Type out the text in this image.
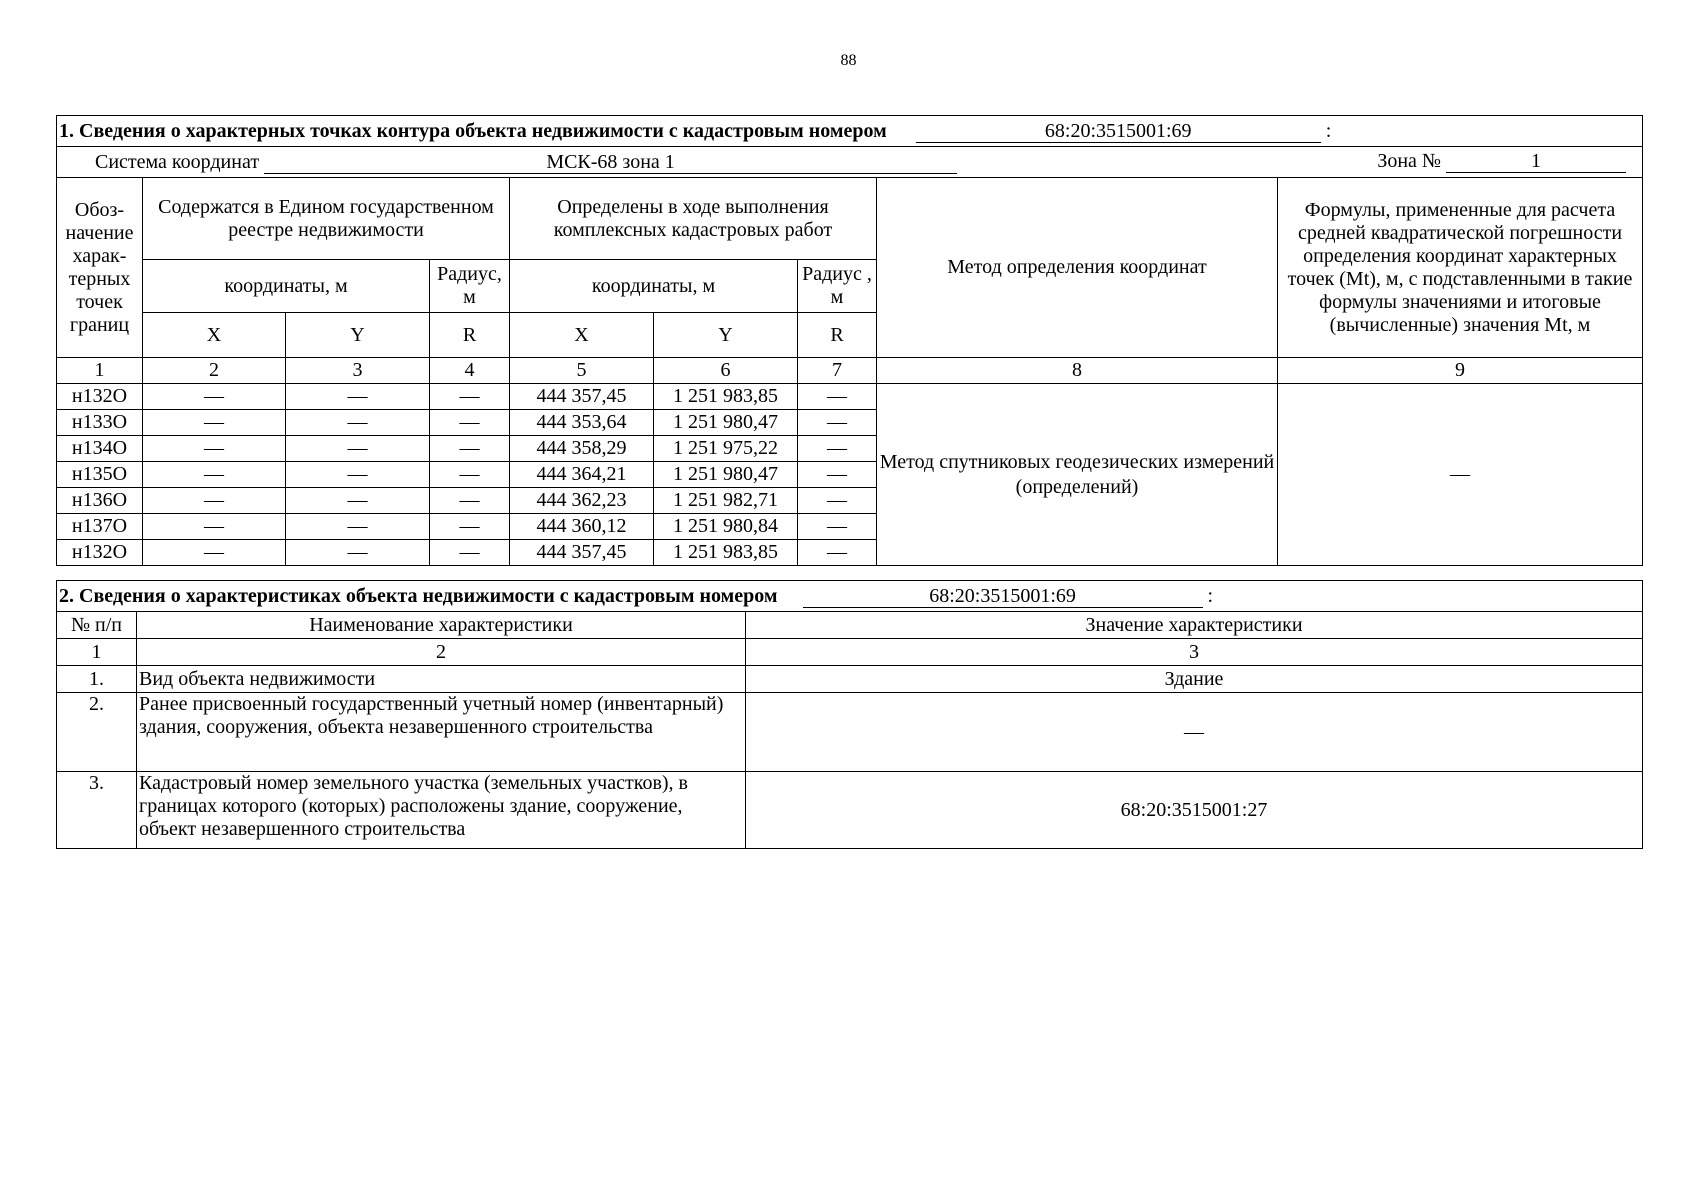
88
1. Сведения о характерных точках контура объекта недвижимости с кадастровым номером 68:20:3515001:69 :								
Система координат МСК-68 зона 1 Зона № 1								

Обоз-начение харак-терных точек границ	Содержатся в Едином государственном реестре недвижимости			Определены в ходе выполнения комплексных кадастровых работ			Метод определения координат	Формулы, примененные для расчета средней квадратической погрешности определения координат характерных точек (Mt), м, с подставленными в такие формулы значениями и итоговые (вычисленные) значения Mt, м
	координаты, м		Радиус, м	координаты, м		Радиус , м		
	X	Y	R	X	Y	R		
1	2	3	4	5	6	7	8	9
н132О	—	—	—	444 357,45	1 251 983,85	—	Метод спутниковых геодезических измерений (определений)	—
н133О	—	—	—	444 353,64	1 251 980,47	—		
н134О	—	—	—	444 358,29	1 251 975,22	—		
н135О	—	—	—	444 364,21	1 251 980,47	—		
н136О	—	—	—	444 362,23	1 251 982,71	—		
н137О	—	—	—	444 360,12	1 251 980,84	—		
н132О	—	—	—	444 357,45	1 251 983,85	—		
2. Сведения о характеристиках объекта недвижимости с кадастровым номером 68:20:3515001:69 :		
№ п/п	Наименование характеристики	Значение характеристики
1	2	3
1.	Вид объекта недвижимости	Здание
2.	Ранее присвоенный государственный учетный номер (инвентарный) здания, сооружения, объекта незавершенного строительства	—
3.	Кадастровый номер земельного участка (земельных участков), в границах которого (которых) расположены здание, сооружение, объект незавершенного строительства	68:20:3515001:27
